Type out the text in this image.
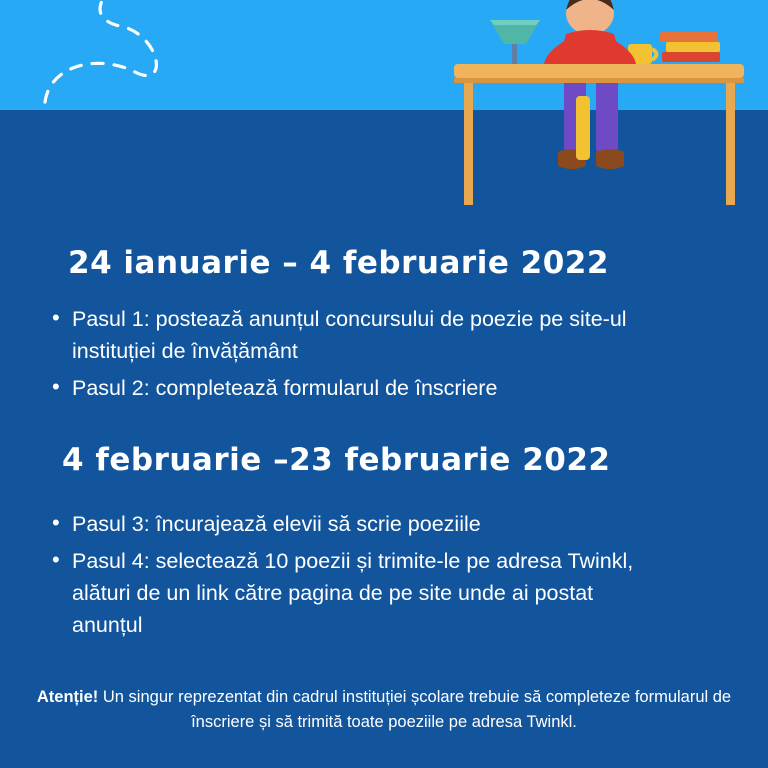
24 ianuarie – 4 februarie 2022
• Pasul 1: postează anunțul concursului de poezie pe site-ul instituției de învățământ
• Pasul 2: completează formularul de înscriere
4 februarie –23 februarie 2022
• Pasul 3: încurajează elevii să scrie poeziile
• Pasul 4: selectează 10 poezii și trimite-le pe adresa Twinkl, alături de un link către pagina de pe site unde ai postat anunțul

Atenție! Un singur reprezentat din cadrul instituției școlare trebuie să completeze formularul de înscriere și să trimită toate poeziile pe adresa Twinkl.
